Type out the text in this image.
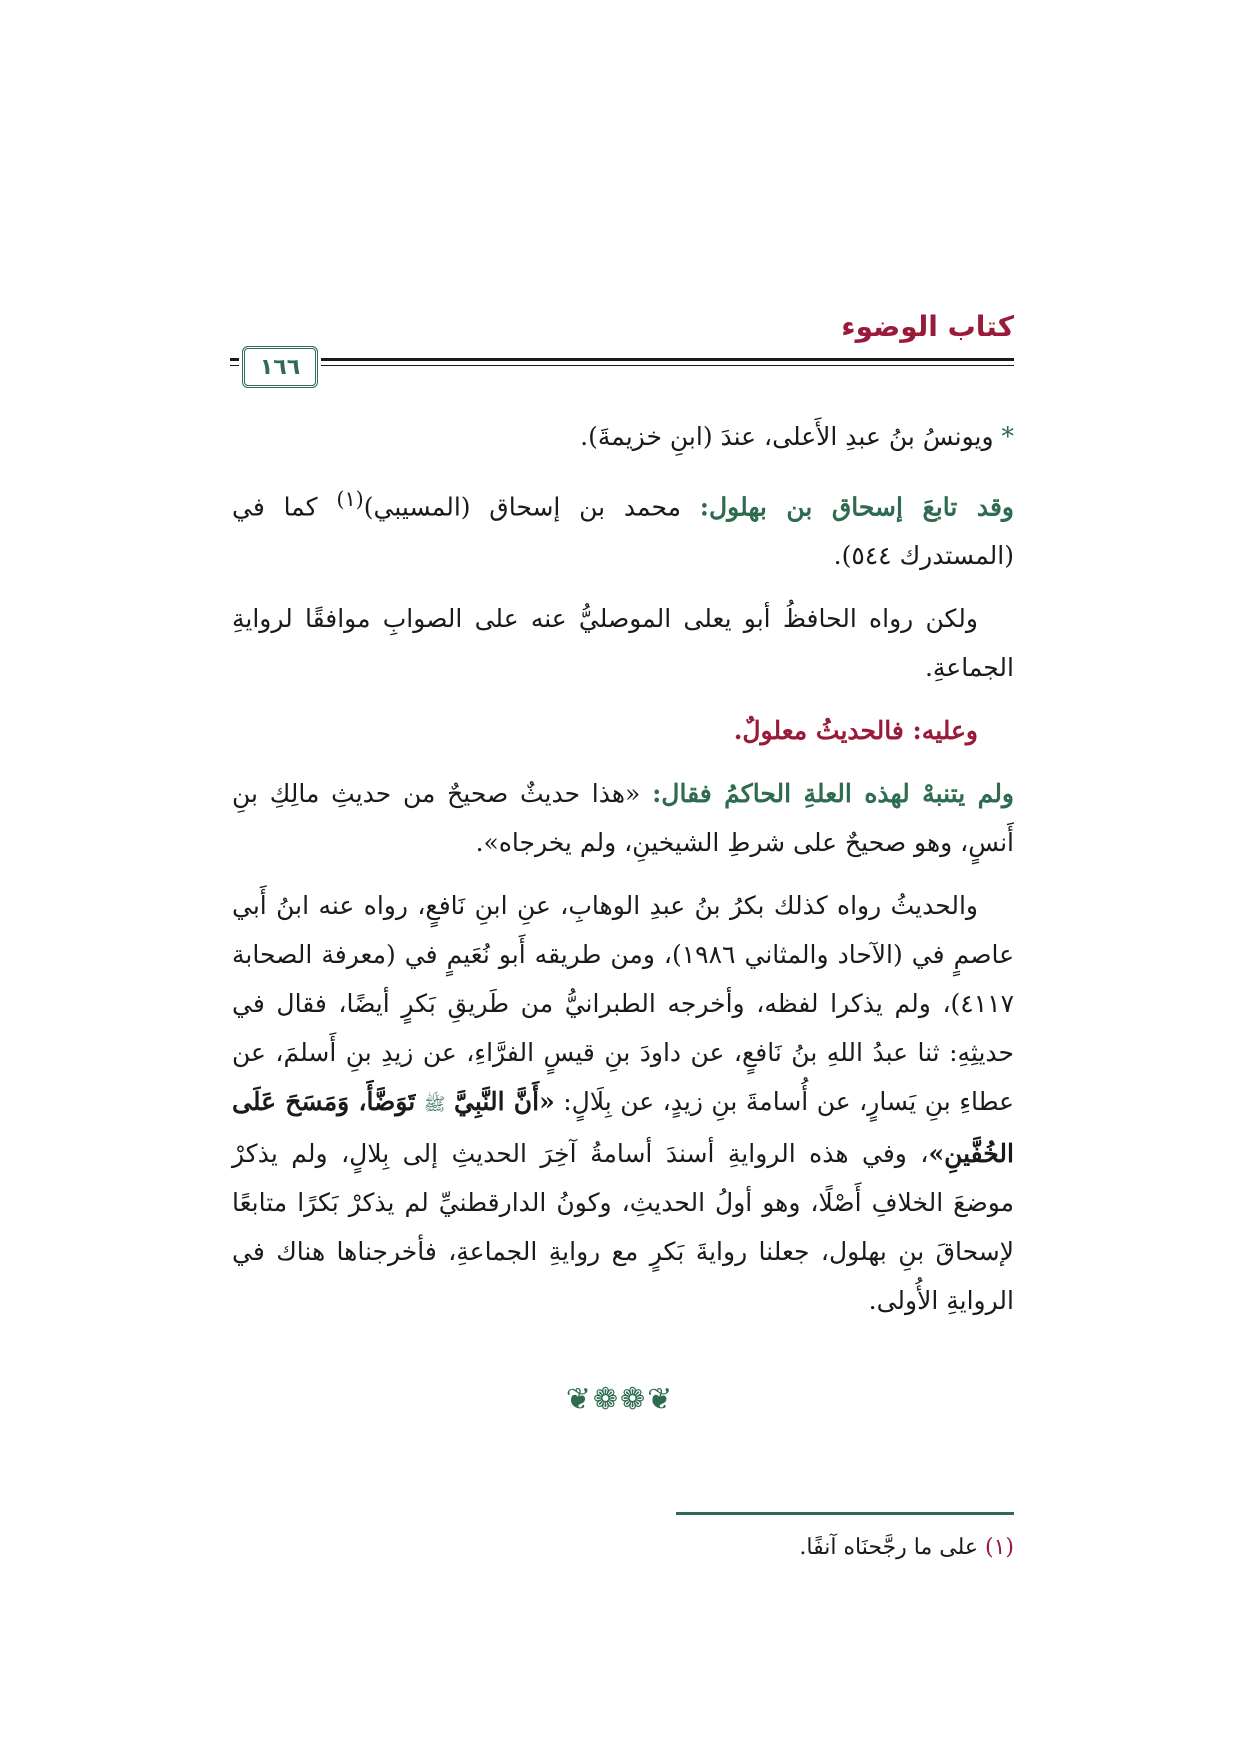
كتاب الوضوء
١٦٦

* ويونسُ بنُ عبدِ الأَعلى، عندَ (ابنِ خزيمةَ).

وقد تابعَ إسحاق بن بهلول: محمد بن إسحاق (المسيبي)$^{(١)}$ كما في (المستدرك ٥٤٤).

ولكن رواه الحافظُ أبو يعلى الموصليُّ عنه على الصوابِ موافقًا لروايةِ الجماعةِ.

وعليه: فالحديثُ معلولٌ.

ولم يتنبهْ لهذه العلةِ الحاكمُ فقال: «هذا حديثٌ صحيحٌ من حديثِ مالِكِ بنِ أَنسٍ، وهو صحيحٌ على شرطِ الشيخينِ، ولم يخرجاه».

والحديثُ رواه كذلك بكرُ بنُ عبدِ الوهابِ، عنِ ابنِ نَافعٍ، رواه عنه ابنُ أَبي عاصمٍ في (الآحاد والمثاني ١٩٨٦)، ومن طريقه أَبو نُعَيمٍ في (معرفة الصحابة ٤١١٧)، ولم يذكرا لفظه، وأخرجه الطبرانيُّ من طَريقِ بَكرٍ أيضًا، فقال في حديثِهِ: ثنا عبدُ اللهِ بنُ نَافعٍ، عن داودَ بنِ قيسٍ الفرَّاءِ، عن زيدِ بنِ أَسلمَ، عن عطاءِ بنِ يَسارٍ، عن أُسامةَ بنِ زيدٍ، عن بِلَالٍ: «أَنَّ النَّبِيَّ ﷺ تَوَضَّأَ، وَمَسَحَ عَلَى الخُفَّينِ»، وفي هذه الروايةِ أسندَ أسامةُ آخِرَ الحديثِ إلى بِلالٍ، ولم يذكرْ موضعَ الخلافِ أَصْلًا، وهو أولُ الحديثِ، وكونُ الدارقطنيِّ لم يذكرْ بَكرًا متابعًا لإسحاقَ بنِ بهلول، جعلنا روايةَ بَكرٍ مع روايةِ الجماعةِ، فأخرجناها هناك في الروايةِ الأُولى.

❦❁❁❦
(١) على ما رجَّحنَاه آنفًا.
